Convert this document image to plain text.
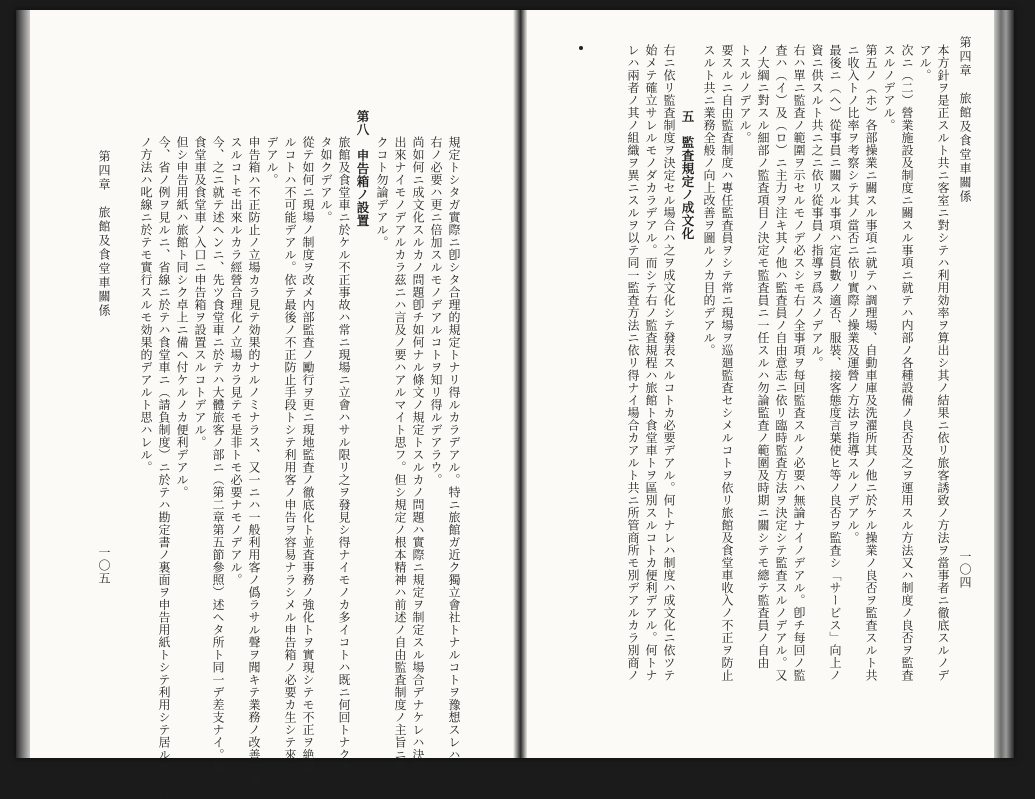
規定トシタガ實際ニ卽シタ合理的規定トナリ得ルカラデアル。特ニ旅館ガ近ク獨立會社トナルコトヲ豫想スレハ
右ノ必要ハ更ニ倍加スルモノデアルコトヲ知リ得ルデアラウ。
尚如何ニ成文化スルカノ問題卽チ如何ナル條文ノ規定トスルカノ問題ハ實際ニ規定ヲ制定スル場合デナケレハ決定
出來ナイモノデアルカラ茲ニハ言及ノ要ハアルマイト思フ。但シ規定ノ根本精神ハ前述ノ自由監査制度ノ主旨ニ基
クコト勿論デアル。
第八　申告箱ノ設置
旅館及食堂車ニ於ケル不正事故ハ常ニ現場ニ立會ハサル限リ之ヲ發見シ得ナイモノカ多イコトハ既ニ何回トナク述ヘ
タ如クデアル。
從テ如何ニ現場ノ制度ヲ改メ内部監査ノ勵行ヲ更ニ現地監査ノ徹底化ト並査事務ノ強化トヲ實現シテモ不正ヲ絶滅ス
ルコトハ不可能デアル。依テ最後ノ不正防止手段トシテ利用客ノ申告ヲ容易ナラシメル申告箱ノ必要カ生シテ來ルノ
デアル。
申告箱ハ不正防止ノ立場カラ見テ効果的ナルノミナラス、又一ニハ一般利用客ノ僞ラサル聲ヲ聞キテ業務ノ改善ニ資
スルコトモ出來ルカラ經營合理化ノ立場カラ見テモ是非トモ必要ナモノデアル。
今、之ニ就テ述ヘンニ、先ツ食堂車ニ於テハ大體旅客ノ部ニ（第二章第五節參照）述ヘタ所ト同一デ差支ナイ。卽チ
食堂車及食堂車ノ入口ニ申告箱ヲ設置スルコトデアル。
但シ申告用紙ハ旅館ト同シク卓上ニ備ヘ付ケルノカ便利デアル。
今、省ノ例ヲ見ルニ、省線ニ於テハ食堂車ニ（請負制度）ニ於テハ勘定書ノ裏面ヲ申告用紙トシテ利用シテ居ルカ、此
ノ方法ハ叱線ニ於テモ實行スルモ効果的デアルト思ハレル。
第四章　旅館及食堂車關係
一〇五
第四章　旅館及食堂車關係
一〇四
本方針ヲ是正スルト共ニ客室ニ對シテハ利用効率ヲ算出シ其ノ結果ニ依リ旅客誘致ノ方法ヲ當事者ニ徹底スルノデ
アル。
次ニ（二）營業施設及制度ニ關スル事項ニ就テハ内部ノ各種設備ノ良否及之ヲ運用スル方法又ハ制度ノ良否ヲ監査
スルノデアル。
第五ノ（ホ）各部操業ニ關スル事項ニ就テハ調理場、自動車庫及洗濯所其ノ他ニ於ケル操業ノ良否ヲ監査スルト共
ニ收入トノ比率ヲ考察シテ其ノ當否ニ依リ實際ノ操業及運營ノ方法ヲ指導スルノデアル。
最後ニ（ヘ）從事員ニ關スル事項ハ定員數ノ適否、服裝、接客態度言葉使ヒ等ノ良否ヲ監査シ「サービス」向上ノ
資ニ供スルト共ニ之ニ依リ從事員ノ指導ヲ爲スノデアル。
右ハ單ニ監査ノ範圍ヲ示セルモノデ必スシモ右ノ全事項ヲ每回監査スルノ必要ハ無論ナイノデアル。卽チ每回ノ監
査ハ（イ）及（ロ）ニ主力ヲ注キ其ノ他ハ監査員ノ自由意志ニ依リ臨時監査方法ヲ決定シテ監査スルノデアル。又
ノ大綱ニ對スル細部ノ監査項目ノ決定モ監査員ニ一任スルハ勿論監査ノ範圍及時期ニ關シテモ總テ監査員ノ自由
トスルノデアル。
要スルニ自由監査制度ハ專任監査員ヲシテ常ニ現場ヲ巡廻監査セシメルコトヲ依リ旅館及食堂車收入ノ不正ヲ防止
スルト共ニ業務全般ノ向上改善ヲ圖ルノカ目的デアル。
五　監査規定ノ成文化
右ニ依リ監査制度ヲ決定セル場合ハ之ヲ成文化シテ發表スルコトカ必要デアル。何トナレハ制度ハ成文化ニ依ツテ
始メテ確立サレルモノダカラデアル。而シテ右ノ監査規程ハ旅館ト食堂車トヲ區別スルコトカ便利デアル。何トナ
レハ兩者ノ其ノ組織ヲ異ニスルヲ以テ同一監査方法ニ依リ得ナイ場合カアルト共ニ所管商所モ別デアルカラ別商ノ
